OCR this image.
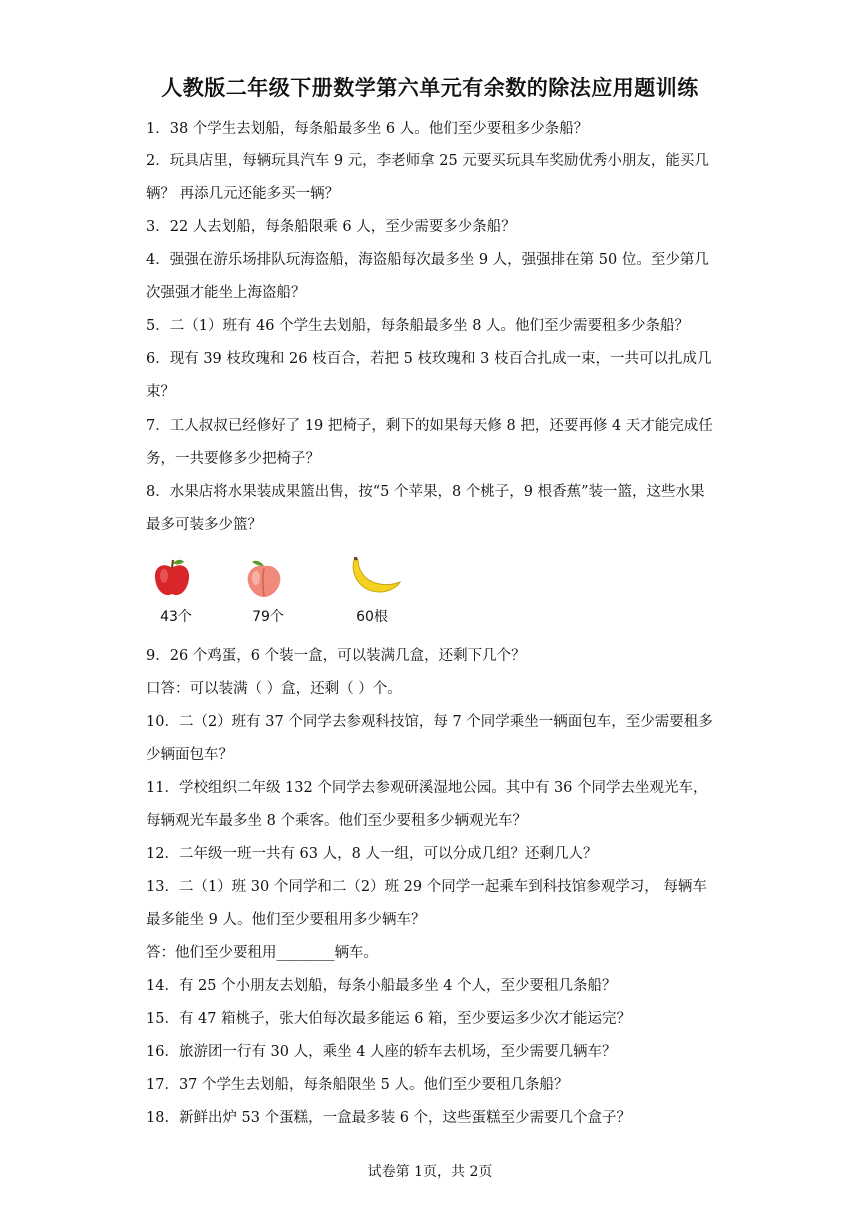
人教版二年级下册数学第六单元有余数的除法应用题训练
1．38 个学生去划船，每条船最多坐 6 人。他们至少要租多少条船？
2．玩具店里，每辆玩具汽车 9 元，李老师拿 25 元要买玩具车奖励优秀小朋友，能买几
辆？ 再添几元还能多买一辆？
3．22 人去划船，每条船限乘 6 人，至少需要多少条船？
4．强强在游乐场排队玩海盗船，海盗船每次最多坐 9 人，强强排在第 50 位。至少第几
次强强才能坐上海盗船？
5．二（1）班有 46 个学生去划船，每条船最多坐 8 人。他们至少需要租多少条船？
6．现有 39 枝玫瑰和 26 枝百合，若把 5 枝玫瑰和 3 枝百合扎成一束，一共可以扎成几
束？
7．工人叔叔已经修好了 19 把椅子，剩下的如果每天修 8 把，还要再修 4 天才能完成任
务，一共要修多少把椅子？
8．水果店将水果装成果篮出售，按“5 个苹果，8 个桃子，9 根香蕉”装一篮，这些水果
最多可装多少篮？
9．26 个鸡蛋，6 个装一盒，可以装满几盒，还剩下几个？
口答：可以装满（ ）盒，还剩（ ）个。
10．二（2）班有 37 个同学去参观科技馆，每 7 个同学乘坐一辆面包车，至少需要租多
少辆面包车？
11．学校组织二年级 132 个同学去参观研溪湿地公园。其中有 36 个同学去坐观光车，
每辆观光车最多坐 8 个乘客。他们至少要租多少辆观光车？
12．二年级一班一共有 63 人，8 人一组，可以分成几组？还剩几人？
13．二（1）班 30 个同学和二（2）班 29 个同学一起乘车到科技馆参观学习， 每辆车
最多能坐 9 人。他们至少要租用多少辆车？
答：他们至少要租用________辆车。
14．有 25 个小朋友去划船，每条小船最多坐 4 个人，至少要租几条船？
15．有 47 箱桃子，张大伯每次最多能运 6 箱，至少要运多少次才能运完？
16．旅游团一行有 30 人，乘坐 4 人座的轿车去机场，至少需要几辆车？
17．37 个学生去划船，每条船限坐 5 人。他们至少要租几条船？
18．新鲜出炉 53 个蛋糕，一盒最多装 6 个，这些蛋糕至少需要几个盒子？
43个	79个	60根
试卷第 1页，共 2页
